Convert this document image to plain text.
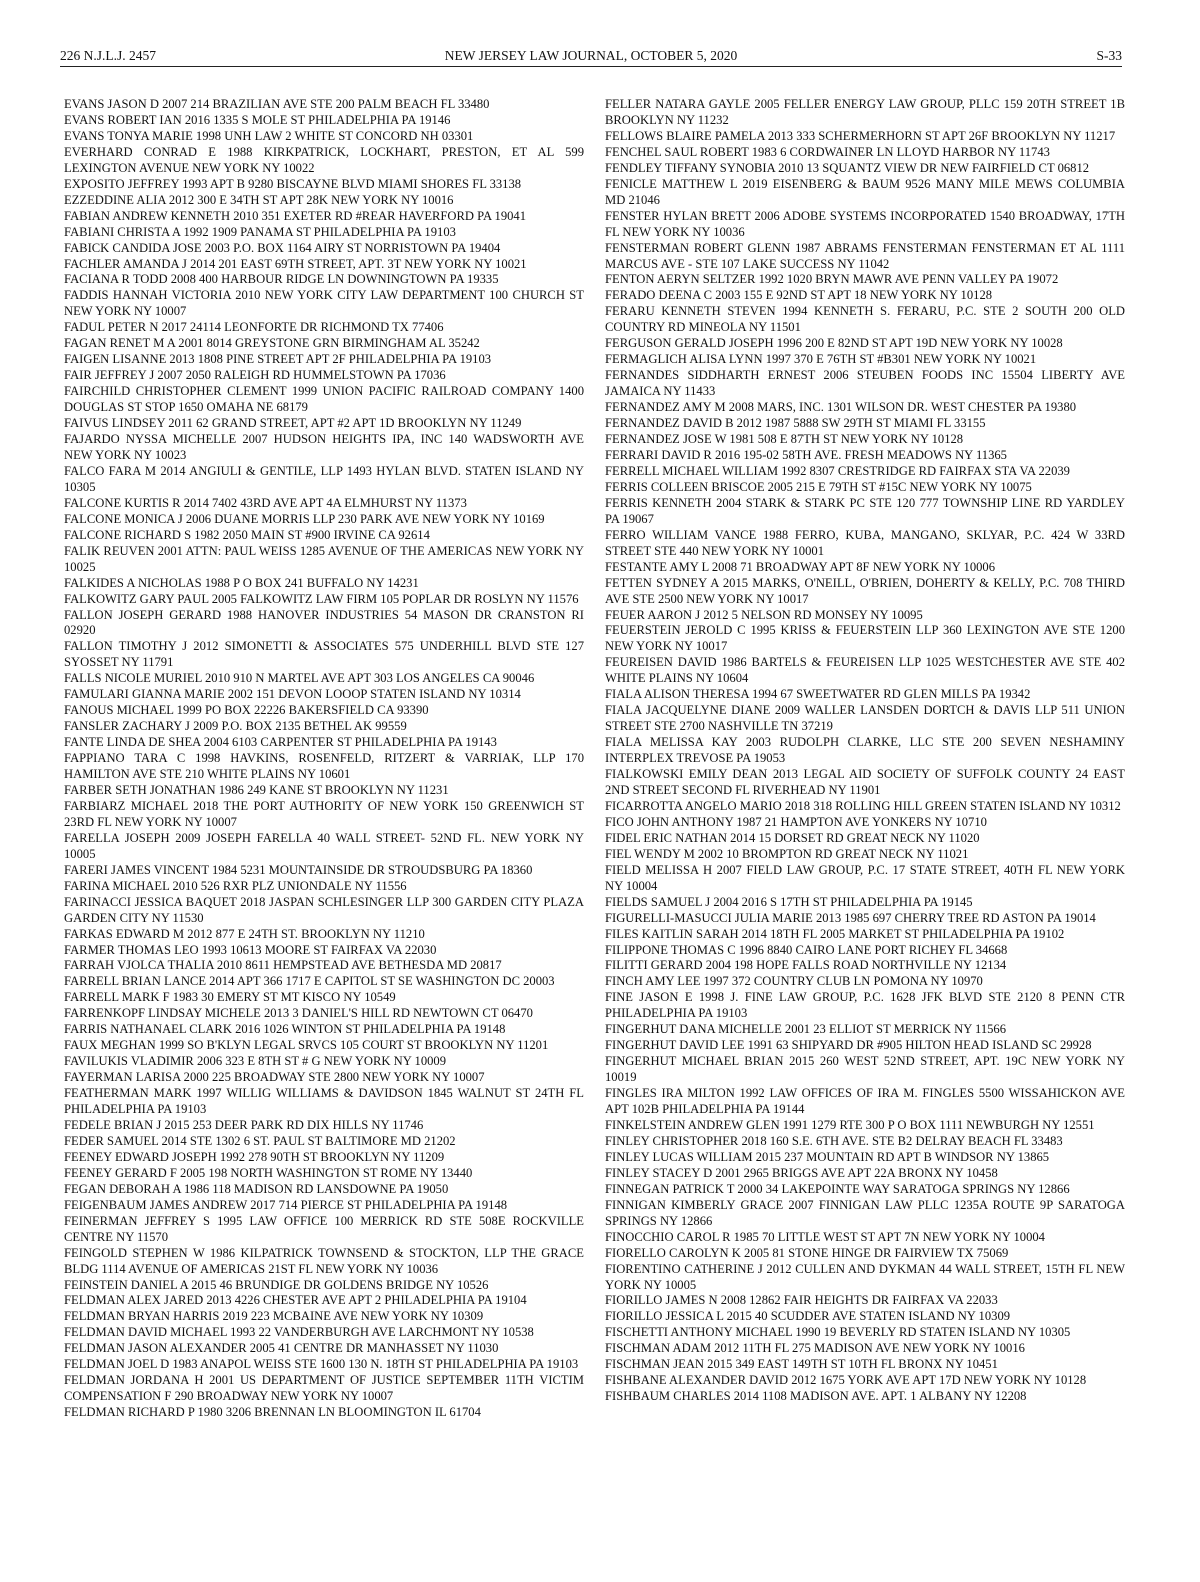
226 N.J.L.J. 2457	NEW JERSEY LAW JOURNAL, OCTOBER 5, 2020	S-33

EVANS JASON D 2007 214 BRAZILIAN AVE STE 200 PALM BEACH FL 33480

EVANS ROBERT IAN 2016 1335 S MOLE ST PHILADELPHIA PA 19146

EVANS TONYA MARIE 1998 UNH LAW 2 WHITE ST CONCORD NH 03301

EVERHARD CONRAD E 1988 KIRKPATRICK, LOCKHART, PRESTON, ET AL 599 LEXINGTON AVENUE NEW YORK NY 10022

EXPOSITO JEFFREY 1993 APT B 9280 BISCAYNE BLVD MIAMI SHORES FL 33138

EZZEDDINE ALIA 2012 300 E 34TH ST APT 28K NEW YORK NY 10016

FABIAN ANDREW KENNETH 2010 351 EXETER RD #REAR HAVERFORD PA 19041

FABIANI CHRISTA A 1992 1909 PANAMA ST PHILADELPHIA PA 19103

FABICK CANDIDA JOSE 2003 P.O. BOX 1164 AIRY ST NORRISTOWN PA 19404

FACHLER AMANDA J 2014 201 EAST 69TH STREET, APT. 3T NEW YORK NY 10021

FACIANA R TODD 2008 400 HARBOUR RIDGE LN DOWNINGTOWN PA 19335

FADDIS HANNAH VICTORIA 2010 NEW YORK CITY LAW DEPARTMENT 100 CHURCH ST NEW YORK NY 10007

FADUL PETER N 2017 24114 LEONFORTE DR RICHMOND TX 77406

FAGAN RENET M A 2001 8014 GREYSTONE GRN BIRMINGHAM AL 35242

FAIGEN LISANNE 2013 1808 PINE STREET APT 2F PHILADELPHIA PA 19103

FAIR JEFFREY J 2007 2050 RALEIGH RD HUMMELSTOWN PA 17036

FAIRCHILD CHRISTOPHER CLEMENT 1999 UNION PACIFIC RAILROAD COMPANY 1400 DOUGLAS ST STOP 1650 OMAHA NE 68179

FAIVUS LINDSEY 2011 62 GRAND STREET, APT #2 APT 1D BROOKLYN NY 11249

FAJARDO NYSSA MICHELLE 2007 HUDSON HEIGHTS IPA, INC 140 WADSWORTH AVE NEW YORK NY 10023

FALCO FARA M 2014 ANGIULI & GENTILE, LLP 1493 HYLAN BLVD. STATEN ISLAND NY 10305

FALCONE KURTIS R 2014 7402 43RD AVE APT 4A ELMHURST NY 11373

FALCONE MONICA J 2006 DUANE MORRIS LLP 230 PARK AVE NEW YORK NY 10169

FALCONE RICHARD S 1982 2050 MAIN ST #900 IRVINE CA 92614

FALIK REUVEN 2001 ATTN: PAUL WEISS 1285 AVENUE OF THE AMERICAS NEW YORK NY 10025

FALKIDES A NICHOLAS 1988 P O BOX 241 BUFFALO NY 14231

FALKOWITZ GARY PAUL 2005 FALKOWITZ LAW FIRM 105 POPLAR DR ROSLYN NY 11576

FALLON JOSEPH GERARD 1988 HANOVER INDUSTRIES 54 MASON DR CRANSTON RI 02920

FALLON TIMOTHY J 2012 SIMONETTI & ASSOCIATES 575 UNDERHILL BLVD STE 127 SYOSSET NY 11791

FALLS NICOLE MURIEL 2010 910 N MARTEL AVE APT 303 LOS ANGELES CA 90046

FAMULARI GIANNA MARIE 2002 151 DEVON LOOOP STATEN ISLAND NY 10314

FANOUS MICHAEL 1999 PO BOX 22226 BAKERSFIELD CA 93390

FANSLER ZACHARY J 2009 P.O. BOX 2135 BETHEL AK 99559

FANTE LINDA DE SHEA 2004 6103 CARPENTER ST PHILADELPHIA PA 19143

FAPPIANO TARA C 1998 HAVKINS, ROSENFELD, RITZERT & VARRIAK, LLP 170 HAMILTON AVE STE 210 WHITE PLAINS NY 10601

FARBER SETH JONATHAN 1986 249 KANE ST BROOKLYN NY 11231

FARBIARZ MICHAEL 2018 THE PORT AUTHORITY OF NEW YORK 150 GREENWICH ST 23RD FL NEW YORK NY 10007

FARELLA JOSEPH 2009 JOSEPH FARELLA 40 WALL STREET- 52ND FL. NEW YORK NY 10005

FARERI JAMES VINCENT 1984 5231 MOUNTAINSIDE DR STROUDSBURG PA 18360

FARINA MICHAEL 2010 526 RXR PLZ UNIONDALE NY 11556

FARINACCI JESSICA BAQUET 2018 JASPAN SCHLESINGER LLP 300 GARDEN CITY PLAZA GARDEN CITY NY 11530

FARKAS EDWARD M 2012 877 E 24TH ST. BROOKLYN NY 11210

FARMER THOMAS LEO 1993 10613 MOORE ST FAIRFAX VA 22030

FARRAH VJOLCA THALIA 2010 8611 HEMPSTEAD AVE BETHESDA MD 20817

FARRELL BRIAN LANCE 2014 APT 366 1717 E CAPITOL ST SE WASHINGTON DC 20003

FARRELL MARK F 1983 30 EMERY ST MT KISCO NY 10549

FARRENKOPF LINDSAY MICHELE 2013 3 DANIEL'S HILL RD NEWTOWN CT 06470

FARRIS NATHANAEL CLARK 2016 1026 WINTON ST PHILADELPHIA PA 19148

FAUX MEGHAN 1999 SO B'KLYN LEGAL SRVCS 105 COURT ST BROOKLYN NY 11201

FAVILUKIS VLADIMIR 2006 323 E 8TH ST # G NEW YORK NY 10009

FAYERMAN LARISA 2000 225 BROADWAY STE 2800 NEW YORK NY 10007

FEATHERMAN MARK 1997 WILLIG WILLIAMS & DAVIDSON 1845 WALNUT ST 24TH FL PHILADELPHIA PA 19103

FEDELE BRIAN J 2015 253 DEER PARK RD DIX HILLS NY 11746

FEDER SAMUEL 2014 STE 1302 6 ST. PAUL ST BALTIMORE MD 21202

FEENEY EDWARD JOSEPH 1992 278 90TH ST BROOKLYN NY 11209

FEENEY GERARD F 2005 198 NORTH WASHINGTON ST ROME NY 13440

FEGAN DEBORAH A 1986 118 MADISON RD LANSDOWNE PA 19050

FEIGENBAUM JAMES ANDREW 2017 714 PIERCE ST PHILADELPHIA PA 19148

FEINERMAN JEFFREY S 1995 LAW OFFICE 100 MERRICK RD STE 508E ROCKVILLE CENTRE NY 11570

FEINGOLD STEPHEN W 1986 KILPATRICK TOWNSEND & STOCKTON, LLP THE GRACE BLDG 1114 AVENUE OF AMERICAS 21ST FL NEW YORK NY 10036

FEINSTEIN DANIEL A 2015 46 BRUNDIGE DR GOLDENS BRIDGE NY 10526

FELDMAN ALEX JARED 2013 4226 CHESTER AVE APT 2 PHILADELPHIA PA 19104

FELDMAN BRYAN HARRIS 2019 223 MCBAINE AVE NEW YORK NY 10309

FELDMAN DAVID MICHAEL 1993 22 VANDERBURGH AVE LARCHMONT NY 10538

FELDMAN JASON ALEXANDER 2005 41 CENTRE DR MANHASSET NY 11030

FELDMAN JOEL D 1983 ANAPOL WEISS STE 1600 130 N. 18TH ST PHILADELPHIA PA 19103

FELDMAN JORDANA H 2001 US DEPARTMENT OF JUSTICE SEPTEMBER 11TH VICTIM COMPENSATION F 290 BROADWAY NEW YORK NY 10007

FELDMAN RICHARD P 1980 3206 BRENNAN LN BLOOMINGTON IL 61704

FELLER NATARA GAYLE 2005 FELLER ENERGY LAW GROUP, PLLC 159 20TH STREET 1B BROOKLYN NY 11232

FELLOWS BLAIRE PAMELA 2013 333 SCHERMERHORN ST APT 26F BROOKLYN NY 11217

FENCHEL SAUL ROBERT 1983 6 CORDWAINER LN LLOYD HARBOR NY 11743

FENDLEY TIFFANY SYNOBIA 2010 13 SQUANTZ VIEW DR NEW FAIRFIELD CT 06812

FENICLE MATTHEW L 2019 EISENBERG & BAUM 9526 MANY MILE MEWS COLUMBIA MD 21046

FENSTER HYLAN BRETT 2006 ADOBE SYSTEMS INCORPORATED 1540 BROADWAY, 17TH FL NEW YORK NY 10036

FENSTERMAN ROBERT GLENN 1987 ABRAMS FENSTERMAN FENSTERMAN ET AL 1111 MARCUS AVE - STE 107 LAKE SUCCESS NY 11042

FENTON AERYN SELTZER 1992 1020 BRYN MAWR AVE PENN VALLEY PA 19072

FERADO DEENA C 2003 155 E 92ND ST APT 18 NEW YORK NY 10128

FERARU KENNETH STEVEN 1994 KENNETH S. FERARU, P.C. STE 2 SOUTH 200 OLD COUNTRY RD MINEOLA NY 11501

FERGUSON GERALD JOSEPH 1996 200 E 82ND ST APT 19D NEW YORK NY 10028

FERMAGLICH ALISA LYNN 1997 370 E 76TH ST #B301 NEW YORK NY 10021

FERNANDES SIDDHARTH ERNEST 2006 STEUBEN FOODS INC 15504 LIBERTY AVE JAMAICA NY 11433

FERNANDEZ AMY M 2008 MARS, INC. 1301 WILSON DR. WEST CHESTER PA 19380

FERNANDEZ DAVID B 2012 1987 5888 SW 29TH ST MIAMI FL 33155

FERNANDEZ JOSE W 1981 508 E 87TH ST NEW YORK NY 10128

FERRARI DAVID R 2016 195-02 58TH AVE. FRESH MEADOWS NY 11365

FERRELL MICHAEL WILLIAM 1992 8307 CRESTRIDGE RD FAIRFAX STA VA 22039

FERRIS COLLEEN BRISCOE 2005 215 E 79TH ST #15C NEW YORK NY 10075

FERRIS KENNETH 2004 STARK & STARK PC STE 120 777 TOWNSHIP LINE RD YARDLEY PA 19067

FERRO WILLIAM VANCE 1988 FERRO, KUBA, MANGANO, SKLYAR, P.C. 424 W 33RD STREET STE 440 NEW YORK NY 10001

FESTANTE AMY L 2008 71 BROADWAY APT 8F NEW YORK NY 10006

FETTEN SYDNEY A 2015 MARKS, O'NEILL, O'BRIEN, DOHERTY & KELLY, P.C. 708 THIRD AVE STE 2500 NEW YORK NY 10017

FEUER AARON J 2012 5 NELSON RD MONSEY NY 10095

FEUERSTEIN JEROLD C 1995 KRISS & FEUERSTEIN LLP 360 LEXINGTON AVE STE 1200 NEW YORK NY 10017

FEUREISEN DAVID 1986 BARTELS & FEUREISEN LLP 1025 WESTCHESTER AVE STE 402 WHITE PLAINS NY 10604

FIALA ALISON THERESA 1994 67 SWEETWATER RD GLEN MILLS PA 19342

FIALA JACQUELYNE DIANE 2009 WALLER LANSDEN DORTCH & DAVIS LLP 511 UNION STREET STE 2700 NASHVILLE TN 37219

FIALA MELISSA KAY 2003 RUDOLPH CLARKE, LLC STE 200 SEVEN NESHAMINY INTERPLEX TREVOSE PA 19053

FIALKOWSKI EMILY DEAN 2013 LEGAL AID SOCIETY OF SUFFOLK COUNTY 24 EAST 2ND STREET SECOND FL RIVERHEAD NY 11901

FICARROTTA ANGELO MARIO 2018 318 ROLLING HILL GREEN STATEN ISLAND NY 10312

FICO JOHN ANTHONY 1987 21 HAMPTON AVE YONKERS NY 10710

FIDEL ERIC NATHAN 2014 15 DORSET RD GREAT NECK NY 11020

FIEL WENDY M 2002 10 BROMPTON RD GREAT NECK NY 11021

FIELD MELISSA H 2007 FIELD LAW GROUP, P.C. 17 STATE STREET, 40TH FL NEW YORK NY 10004

FIELDS SAMUEL J 2004 2016 S 17TH ST PHILADELPHIA PA 19145

FIGURELLI-MASUCCI JULIA MARIE 2013 1985 697 CHERRY TREE RD ASTON PA 19014

FILES KAITLIN SARAH 2014 18TH FL 2005 MARKET ST PHILADELPHIA PA 19102

FILIPPONE THOMAS C 1996 8840 CAIRO LANE PORT RICHEY FL 34668

FILITTI GERARD 2004 198 HOPE FALLS ROAD NORTHVILLE NY 12134

FINCH AMY LEE 1997 372 COUNTRY CLUB LN POMONA NY 10970

FINE JASON E 1998 J. FINE LAW GROUP, P.C. 1628 JFK BLVD STE 2120 8 PENN CTR PHILADELPHIA PA 19103

FINGERHUT DANA MICHELLE 2001 23 ELLIOT ST MERRICK NY 11566

FINGERHUT DAVID LEE 1991 63 SHIPYARD DR #905 HILTON HEAD ISLAND SC 29928

FINGERHUT MICHAEL BRIAN 2015 260 WEST 52ND STREET, APT. 19C NEW YORK NY 10019

FINGLES IRA MILTON 1992 LAW OFFICES OF IRA M. FINGLES 5500 WISSAHICKON AVE APT 102B PHILADELPHIA PA 19144

FINKELSTEIN ANDREW GLEN 1991 1279 RTE 300 P O BOX 1111 NEWBURGH NY 12551

FINLEY CHRISTOPHER 2018 160 S.E. 6TH AVE. STE B2 DELRAY BEACH FL 33483

FINLEY LUCAS WILLIAM 2015 237 MOUNTAIN RD APT B WINDSOR NY 13865

FINLEY STACEY D 2001 2965 BRIGGS AVE APT 22A BRONX NY 10458

FINNEGAN PATRICK T 2000 34 LAKEPOINTE WAY SARATOGA SPRINGS NY 12866

FINNIGAN KIMBERLY GRACE 2007 FINNIGAN LAW PLLC 1235A ROUTE 9P SARATOGA SPRINGS NY 12866

FINOCCHIO CAROL R 1985 70 LITTLE WEST ST APT 7N NEW YORK NY 10004

FIORELLO CAROLYN K 2005 81 STONE HINGE DR FAIRVIEW TX 75069

FIORENTINO CATHERINE J 2012 CULLEN AND DYKMAN 44 WALL STREET, 15TH FL NEW YORK NY 10005

FIORILLO JAMES N 2008 12862 FAIR HEIGHTS DR FAIRFAX VA 22033

FIORILLO JESSICA L 2015 40 SCUDDER AVE STATEN ISLAND NY 10309

FISCHETTI ANTHONY MICHAEL 1990 19 BEVERLY RD STATEN ISLAND NY 10305

FISCHMAN ADAM 2012 11TH FL 275 MADISON AVE NEW YORK NY 10016

FISCHMAN JEAN 2015 349 EAST 149TH ST 10TH FL BRONX NY 10451

FISHBANE ALEXANDER DAVID 2012 1675 YORK AVE APT 17D NEW YORK NY 10128

FISHBAUM CHARLES 2014 1108 MADISON AVE. APT. 1 ALBANY NY 12208
